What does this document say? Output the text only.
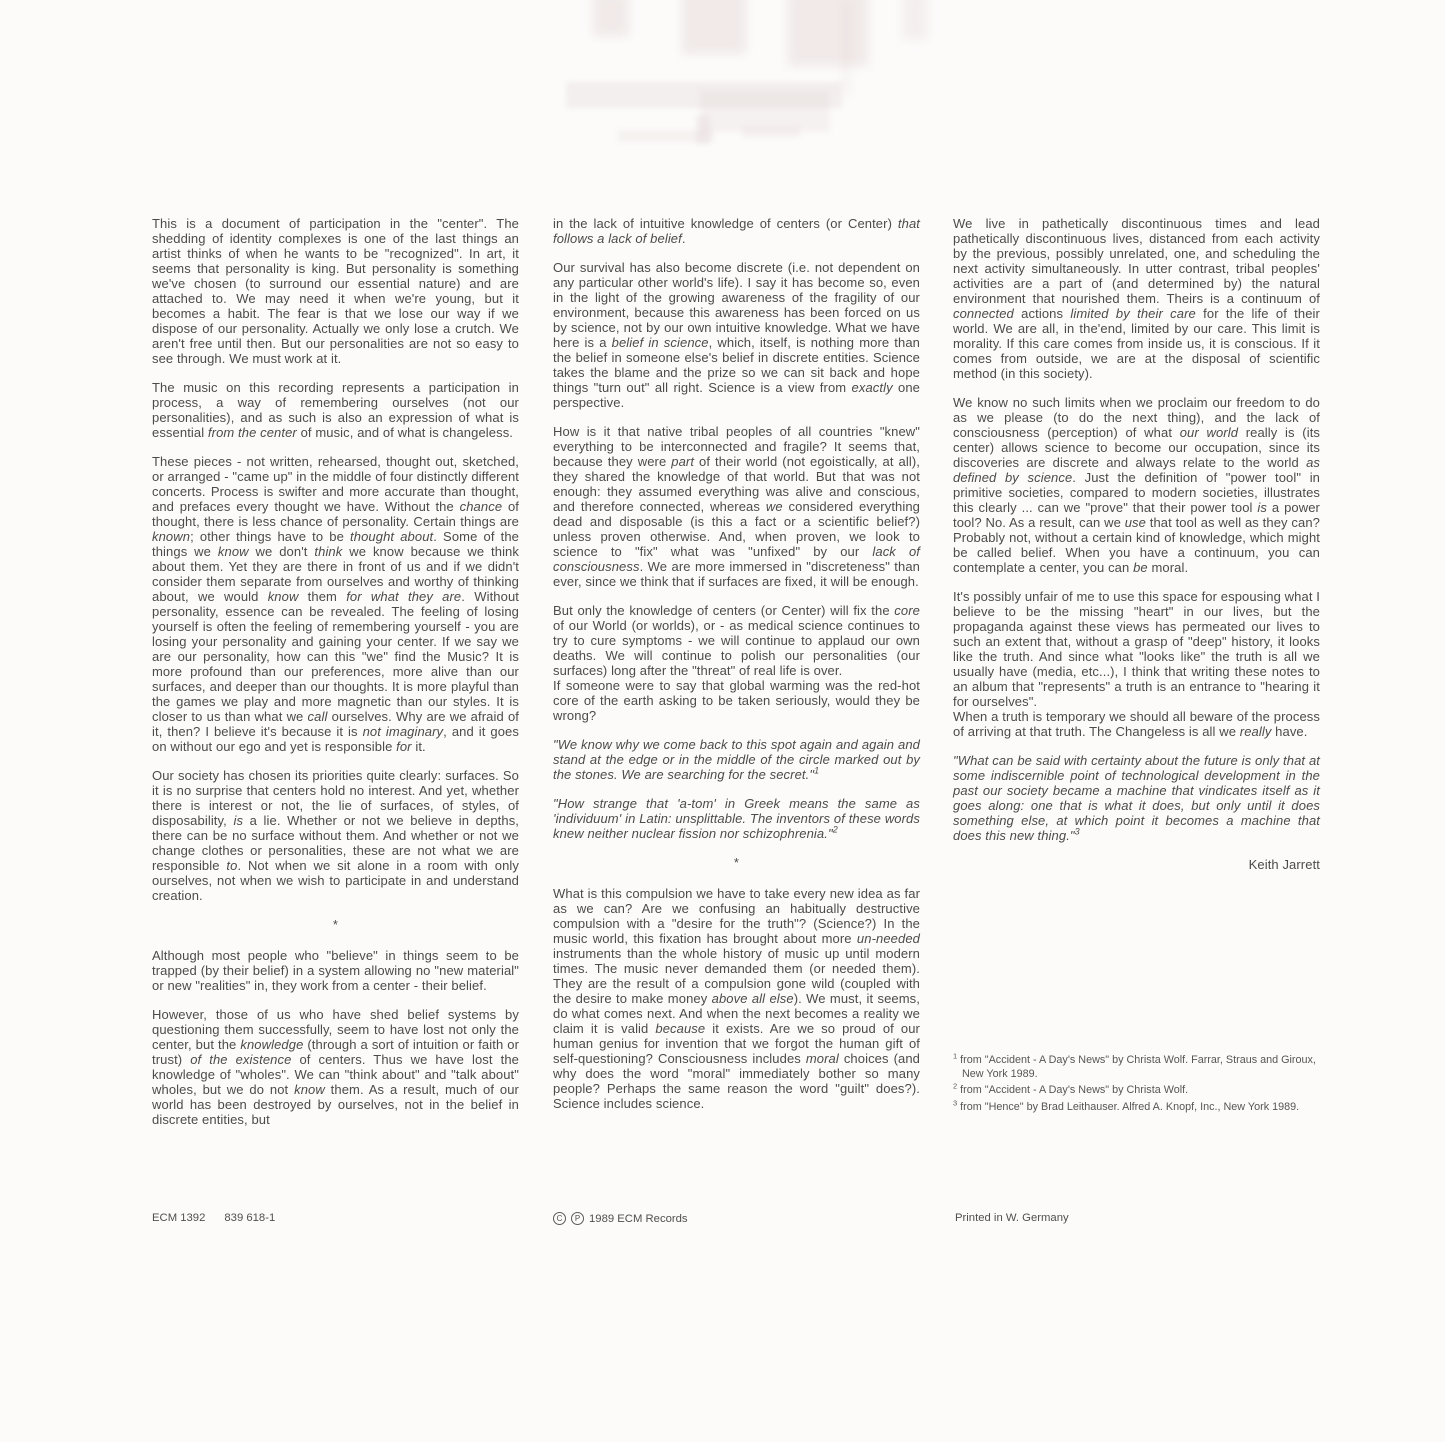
This is a document of participation in the "center". The shedding of identity complexes is one of the last things an artist thinks of when he wants to be "recognized". In art, it seems that personality is king. But personality is something we've chosen (to surround our essential nature) and are attached to. We may need it when we're young, but it becomes a habit. The fear is that we lose our way if we dispose of our personality. Actually we only lose a crutch. We aren't free until then. But our personalities are not so easy to see through. We must work at it.

The music on this recording represents a participation in process, a way of remembering ourselves (not our personalities), and as such is also an expression of what is essential from the center of music, and of what is changeless.

These pieces - not written, rehearsed, thought out, sketched, or arranged - "came up" in the middle of four distinctly different concerts. Process is swifter and more accurate than thought, and prefaces every thought we have. Without the chance of thought, there is less chance of personality. Certain things are known; other things have to be thought about. Some of the things we know we don't think we know because we think about them. Yet they are there in front of us and if we didn't consider them separate from ourselves and worthy of thinking about, we would know them for what they are. Without personality, essence can be revealed. The feeling of losing yourself is often the feeling of remembering yourself - you are losing your personality and gaining your center. If we say we are our personality, how can this "we" find the Music? It is more profound than our preferences, more alive than our surfaces, and deeper than our thoughts. It is more playful than the games we play and more magnetic than our styles. It is closer to us than what we call ourselves. Why are we afraid of it, then? I believe it's because it is not imaginary, and it goes on without our ego and yet is responsible for it.

Our society has chosen its priorities quite clearly: surfaces. So it is no surprise that centers hold no interest. And yet, whether there is interest or not, the lie of surfaces, of styles, of disposability, is a lie. Whether or not we believe in depths, there can be no surface without them. And whether or not we change clothes or personalities, these are not what we are responsible to. Not when we sit alone in a room with only ourselves, not when we wish to participate in and understand creation.

*

Although most people who "believe" in things seem to be trapped (by their belief) in a system allowing no "new material" or new "realities" in, they work from a center - their belief.

However, those of us who have shed belief systems by questioning them successfully, seem to have lost not only the center, but the knowledge (through a sort of intuition or faith or trust) of the existence of centers. Thus we have lost the knowledge of "wholes". We can "think about" and "talk about" wholes, but we do not know them. As a result, much of our world has been destroyed by ourselves, not in the belief in discrete entities, but

in the lack of intuitive knowledge of centers (or Center) that follows a lack of belief.

Our survival has also become discrete (i.e. not dependent on any particular other world's life). I say it has become so, even in the light of the growing awareness of the fragility of our environment, because this awareness has been forced on us by science, not by our own intuitive knowledge. What we have here is a belief in science, which, itself, is nothing more than the belief in someone else's belief in discrete entities. Science takes the blame and the prize so we can sit back and hope things "turn out" all right. Science is a view from exactly one perspective.

How is it that native tribal peoples of all countries "knew" everything to be interconnected and fragile? It seems that, because they were part of their world (not egoistically, at all), they shared the knowledge of that world. But that was not enough: they assumed everything was alive and conscious, and therefore connected, whereas we considered everything dead and disposable (is this a fact or a scientific belief?) unless proven otherwise. And, when proven, we look to science to "fix" what was "unfixed" by our lack of consciousness. We are more immersed in "discreteness" than ever, since we think that if surfaces are fixed, it will be enough.

But only the knowledge of centers (or Center) will fix the core of our World (or worlds), or - as medical science continues to try to cure symptoms - we will continue to applaud our own deaths. We will continue to polish our personalities (our surfaces) long after the "threat" of real life is over.

If someone were to say that global warming was the red-hot core of the earth asking to be taken seriously, would they be wrong?

"We know why we come back to this spot again and again and stand at the edge or in the middle of the circle marked out by the stones. We are searching for the secret."$^1$

"How strange that 'a-tom' in Greek means the same as 'individuum' in Latin: unsplittable. The inventors of these words knew neither nuclear fission nor schizophrenia."$^2$

*

What is this compulsion we have to take every new idea as far as we can? Are we confusing an habitually destructive compulsion with a "desire for the truth"? (Science?) In the music world, this fixation has brought about more un-needed instruments than the whole history of music up until modern times. The music never demanded them (or needed them). They are the result of a compulsion gone wild (coupled with the desire to make money above all else). We must, it seems, do what comes next. And when the next becomes a reality we claim it is valid because it exists. Are we so proud of our human genius for invention that we forgot the human gift of self-questioning? Consciousness includes moral choices (and why does the word "moral" immediately bother so many people? Perhaps the same reason the word "guilt" does?). Science includes science.

We live in pathetically discontinuous times and lead pathetically discontinuous lives, distanced from each activity by the previous, possibly unrelated, one, and scheduling the next activity simultaneously. In utter contrast, tribal peoples' activities are a part of (and determined by) the natural environment that nourished them. Theirs is a continuum of connected actions limited by their care for the life of their world. We are all, in the'end, limited by our care. This limit is morality. If this care comes from inside us, it is conscious. If it comes from outside, we are at the disposal of scientific method (in this society).

We know no such limits when we proclaim our freedom to do as we please (to do the next thing), and the lack of consciousness (perception) of what our world really is (its center) allows science to become our occupation, since its discoveries are discrete and always relate to the world as defined by science. Just the definition of "power tool" in primitive societies, compared to modern societies, illustrates this clearly ... can we "prove" that their power tool is a power tool? No. As a result, can we use that tool as well as they can? Probably not, without a certain kind of knowledge, which might be called belief. When you have a continuum, you can contemplate a center, you can be moral.

It's possibly unfair of me to use this space for espousing what I believe to be the missing "heart" in our lives, but the propaganda against these views has permeated our lives to such an extent that, without a grasp of "deep" history, it looks like the truth. And since what "looks like" the truth is all we usually have (media, etc...), I think that writing these notes to an album that "represents" a truth is an entrance to "hearing it for ourselves".

When a truth is temporary we should all beware of the process of arriving at that truth. The Changeless is all we really have.

"What can be said with certainty about the future is only that at some indiscernible point of technological development in the past our society became a machine that vindicates itself as it goes along: one that is what it does, but only until it does something else, at which point it becomes a machine that does this new thing."$^3$

Keith Jarrett
$^1$ from "Accident - A Day's News" by Christa Wolf. Farrar, Straus and Giroux, New York 1989.
$^2$ from "Accident - A Day's News" by Christa Wolf.
$^3$ from "Hence" by Brad Leithauser. Alfred A. Knopf, Inc., New York 1989.
ECM 1392 839 618-1	C P 1989 ECM Records	Printed in W. Germany
